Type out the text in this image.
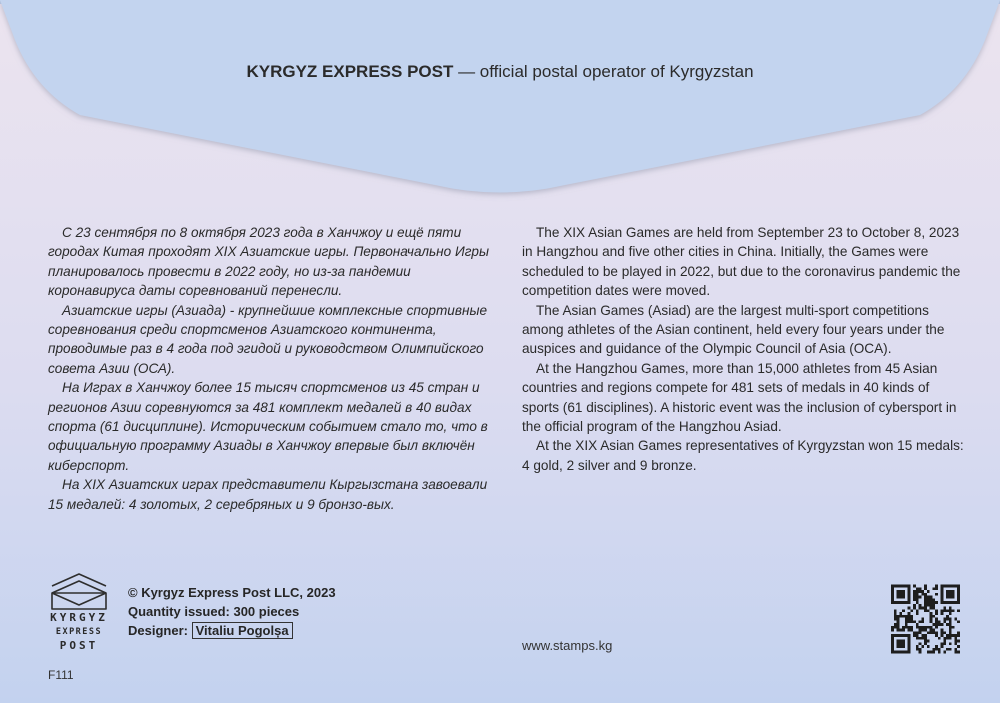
KYRGYZ EXPRESS POST — official postal operator of Kyrgyzstan

С 23 сентября по 8 октября 2023 года в Ханчжоу и ещё пяти городах Китая проходят XIX Азиатские игры. Первоначально Игры планировалось провести в 2022 году, но из-за пандемии коронавируса даты соревнований перенесли.

Азиатские игры (Азиада) - крупнейшие комплексные спортивные соревнования среди спортсменов Азиатского континента, проводимые раз в 4 года под эгидой и руководством Олимпийского совета Азии (ОСА).

На Играх в Ханчжоу более 15 тысяч спортсменов из 45 стран и регионов Азии соревнуются за 481 комплект медалей в 40 видах спорта (61 дисциплине). Историческим событием стало то, что в официальную программу Азиады в Ханчжоу впервые был включён киберспорт.

На XIX Азиатских играх представители Кыргызстана завоевали 15 медалей: 4 золотых, 2 серебряных и 9 бронзо-вых.

The XIX Asian Games are held from September 23 to October 8, 2023 in Hangzhou and five other cities in China. Initially, the Games were scheduled to be played in 2022, but due to the coronavirus pandemic the competition dates were moved.

The Asian Games (Asiad) are the largest multi-sport competitions among athletes of the Asian continent, held every four years under the auspices and guidance of the Olympic Council of Asia (OCA).

At the Hangzhou Games, more than 15,000 athletes from 45 Asian countries and regions compete for 481 sets of medals in 40 kinds of sports (61 disciplines). A historic event was the inclusion of cybersport in the official program of the Hangzhou Asiad.

At the XIX Asian Games representatives of Kyrgyzstan won 15 medals: 4 gold, 2 silver and 9 bronze.

KYRGYZ
EXPRESS
POST
© Kyrgyz Express Post LLC, 2023
Quantity issued: 300 pieces
Designer: Vitaliu Pogolșa
www.stamps.kg
F111
